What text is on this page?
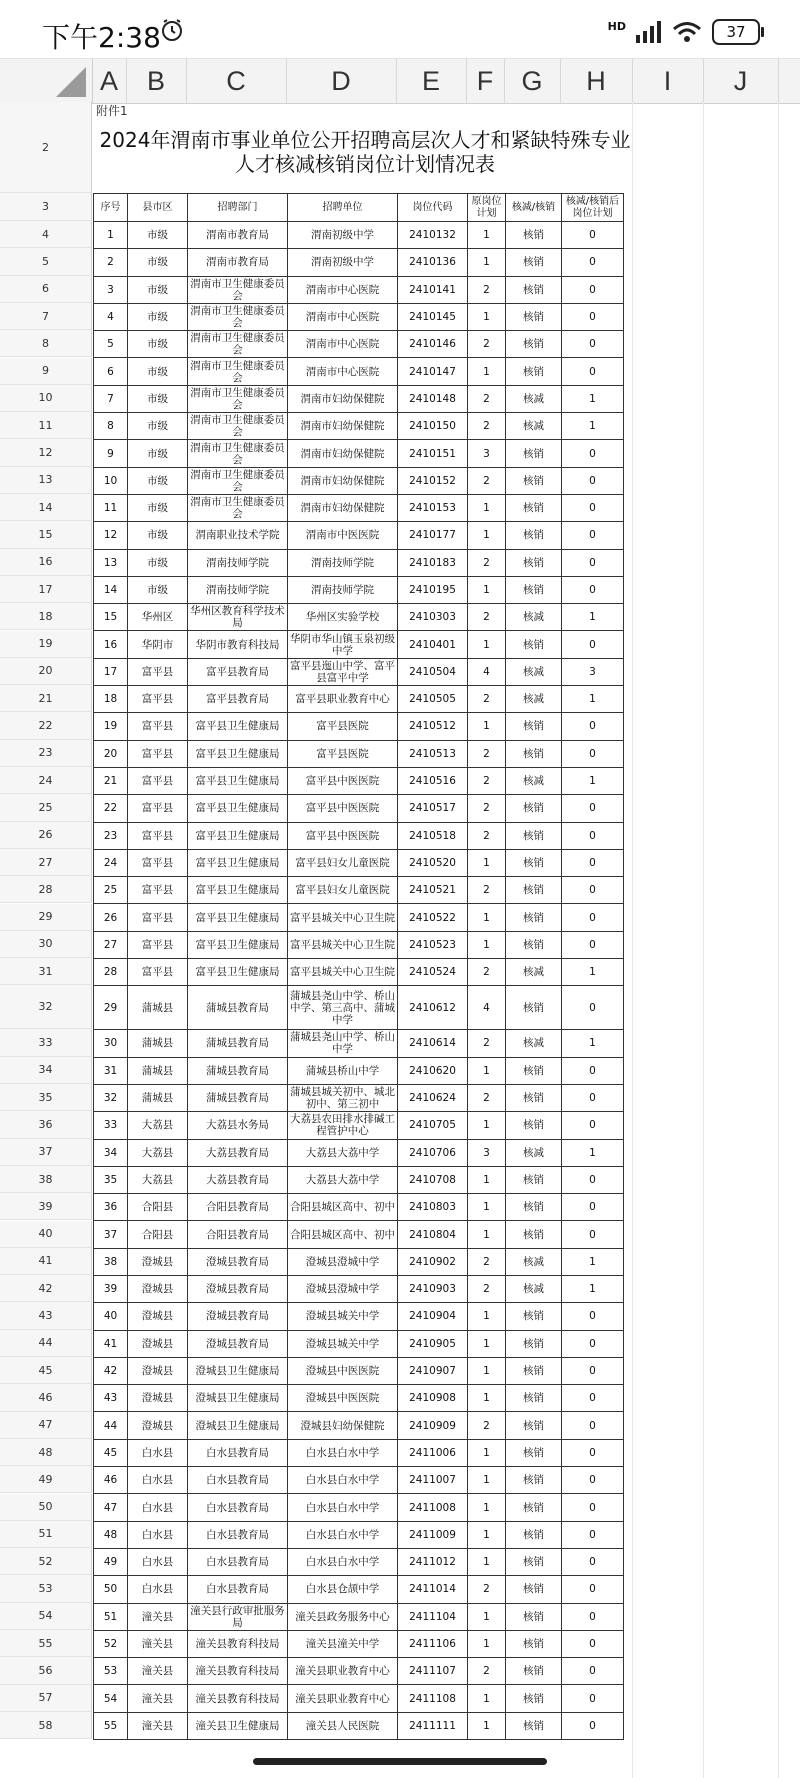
下午2:38	HD	37
A	B	C	D	E	F	G	H	I	J
2
3
4
5
6
7
8
9
10
11
12
13
14
15
16
17
18
19
20
21
22
23
24
25
26
27
28
29
30
31
32
33
34
35
36
37
38
39
40
41
42
43
44
45
46
47
48
49
50
51
52
53
54
55
56
57
58
附件1
2024年渭南市事业单位公开招聘高层次人才和紧缺特殊专业人才核减核销岗位计划情况表
序号	县市区	招聘部门	招聘单位	岗位代码	原岗位计划	核减/核销	核减/核销后岗位计划
1	市级	渭南市教育局	渭南初级中学	2410132	1	核销	0
2	市级	渭南市教育局	渭南初级中学	2410136	1	核销	0
3	市级	渭南市卫生健康委员会	渭南市中心医院	2410141	2	核销	0
4	市级	渭南市卫生健康委员会	渭南市中心医院	2410145	1	核销	0
5	市级	渭南市卫生健康委员会	渭南市中心医院	2410146	2	核销	0
6	市级	渭南市卫生健康委员会	渭南市中心医院	2410147	1	核销	0
7	市级	渭南市卫生健康委员会	渭南市妇幼保健院	2410148	2	核减	1
8	市级	渭南市卫生健康委员会	渭南市妇幼保健院	2410150	2	核减	1
9	市级	渭南市卫生健康委员会	渭南市妇幼保健院	2410151	3	核销	0
10	市级	渭南市卫生健康委员会	渭南市妇幼保健院	2410152	2	核销	0
11	市级	渭南市卫生健康委员会	渭南市妇幼保健院	2410153	1	核销	0
12	市级	渭南职业技术学院	渭南市中医医院	2410177	1	核销	0
13	市级	渭南技师学院	渭南技师学院	2410183	2	核销	0
14	市级	渭南技师学院	渭南技师学院	2410195	1	核销	0
15	华州区	华州区教育科学技术局	华州区实验学校	2410303	2	核减	1
16	华阴市	华阴市教育科技局	华阴市华山镇玉泉初级中学	2410401	1	核销	0
17	富平县	富平县教育局	富平县迤山中学、富平县富平中学	2410504	4	核减	3
18	富平县	富平县教育局	富平县职业教育中心	2410505	2	核减	1
19	富平县	富平县卫生健康局	富平县医院	2410512	1	核销	0
20	富平县	富平县卫生健康局	富平县医院	2410513	2	核销	0
21	富平县	富平县卫生健康局	富平县中医医院	2410516	2	核减	1
22	富平县	富平县卫生健康局	富平县中医医院	2410517	2	核销	0
23	富平县	富平县卫生健康局	富平县中医医院	2410518	2	核销	0
24	富平县	富平县卫生健康局	富平县妇女儿童医院	2410520	1	核销	0
25	富平县	富平县卫生健康局	富平县妇女儿童医院	2410521	2	核销	0
26	富平县	富平县卫生健康局	富平县城关中心卫生院	2410522	1	核销	0
27	富平县	富平县卫生健康局	富平县城关中心卫生院	2410523	1	核销	0
28	富平县	富平县卫生健康局	富平县城关中心卫生院	2410524	2	核减	1
29	蒲城县	蒲城县教育局	蒲城县尧山中学、桥山中学、第三高中、蒲城中学	2410612	4	核销	0
30	蒲城县	蒲城县教育局	蒲城县尧山中学、桥山中学	2410614	2	核减	1
31	蒲城县	蒲城县教育局	蒲城县桥山中学	2410620	1	核销	0
32	蒲城县	蒲城县教育局	蒲城县城关初中、城北初中、第三初中	2410624	2	核销	0
33	大荔县	大荔县水务局	大荔县农田排水排碱工程管护中心	2410705	1	核销	0
34	大荔县	大荔县教育局	大荔县大荔中学	2410706	3	核减	1
35	大荔县	大荔县教育局	大荔县大荔中学	2410708	1	核销	0
36	合阳县	合阳县教育局	合阳县城区高中、初中	2410803	1	核销	0
37	合阳县	合阳县教育局	合阳县城区高中、初中	2410804	1	核销	0
38	澄城县	澄城县教育局	澄城县澄城中学	2410902	2	核减	1
39	澄城县	澄城县教育局	澄城县澄城中学	2410903	2	核减	1
40	澄城县	澄城县教育局	澄城县城关中学	2410904	1	核销	0
41	澄城县	澄城县教育局	澄城县城关中学	2410905	1	核销	0
42	澄城县	澄城县卫生健康局	澄城县中医医院	2410907	1	核销	0
43	澄城县	澄城县卫生健康局	澄城县中医医院	2410908	1	核销	0
44	澄城县	澄城县卫生健康局	澄城县妇幼保健院	2410909	2	核销	0
45	白水县	白水县教育局	白水县白水中学	2411006	1	核销	0
46	白水县	白水县教育局	白水县白水中学	2411007	1	核销	0
47	白水县	白水县教育局	白水县白水中学	2411008	1	核销	0
48	白水县	白水县教育局	白水县白水中学	2411009	1	核销	0
49	白水县	白水县教育局	白水县白水中学	2411012	1	核销	0
50	白水县	白水县教育局	白水县仓颉中学	2411014	2	核销	0
51	潼关县	潼关县行政审批服务局	潼关县政务服务中心	2411104	1	核销	0
52	潼关县	潼关县教育科技局	潼关县潼关中学	2411106	1	核销	0
53	潼关县	潼关县教育科技局	潼关县职业教育中心	2411107	2	核销	0
54	潼关县	潼关县教育科技局	潼关县职业教育中心	2411108	1	核销	0
55	潼关县	潼关县卫生健康局	潼关县人民医院	2411111	1	核销	0
